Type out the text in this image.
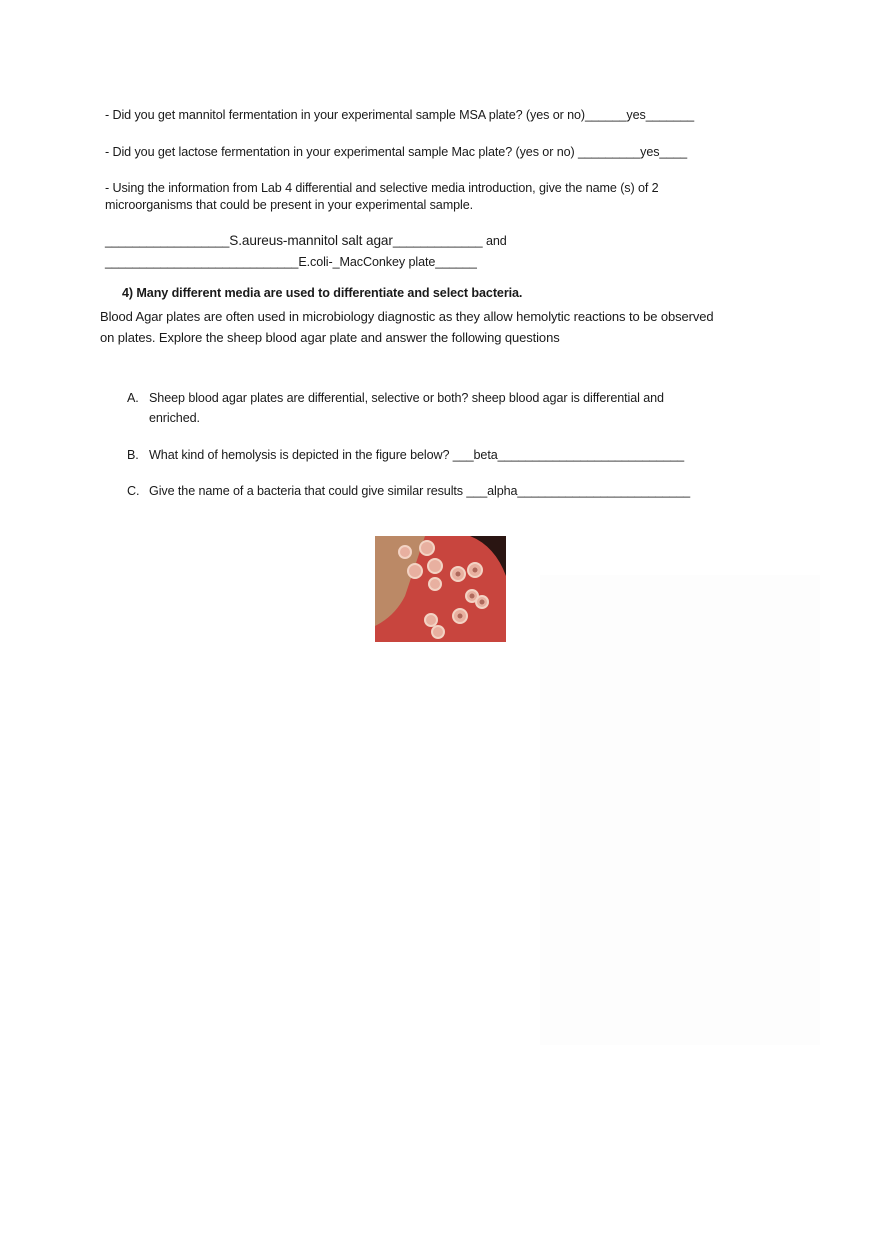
- Did you get mannitol fermentation in your experimental sample MSA plate? (yes or no)______yes_______
- Did you get lactose fermentation in your experimental sample Mac plate? (yes or no) _________yes____
- Using the information from Lab 4 differential and selective media introduction, give the name (s) of 2
microorganisms that could be present in your experimental sample.
__________________S.aureus-mannitol salt agar_____________ and
____________________________E.coli-_MacConkey plate______
4) Many different media are used to differentiate and select bacteria.
Blood Agar plates are often used in microbiology diagnostic as they allow hemolytic reactions to be observed
on plates. Explore the sheep blood agar plate and answer the following questions
A. Sheep blood agar plates are differential, selective or both? sheep blood agar is differential and
enriched.
B. What kind of hemolysis is depicted in the figure below? ___beta___________________________
C. Give the name of a bacteria that could give similar results ___alpha_________________________
